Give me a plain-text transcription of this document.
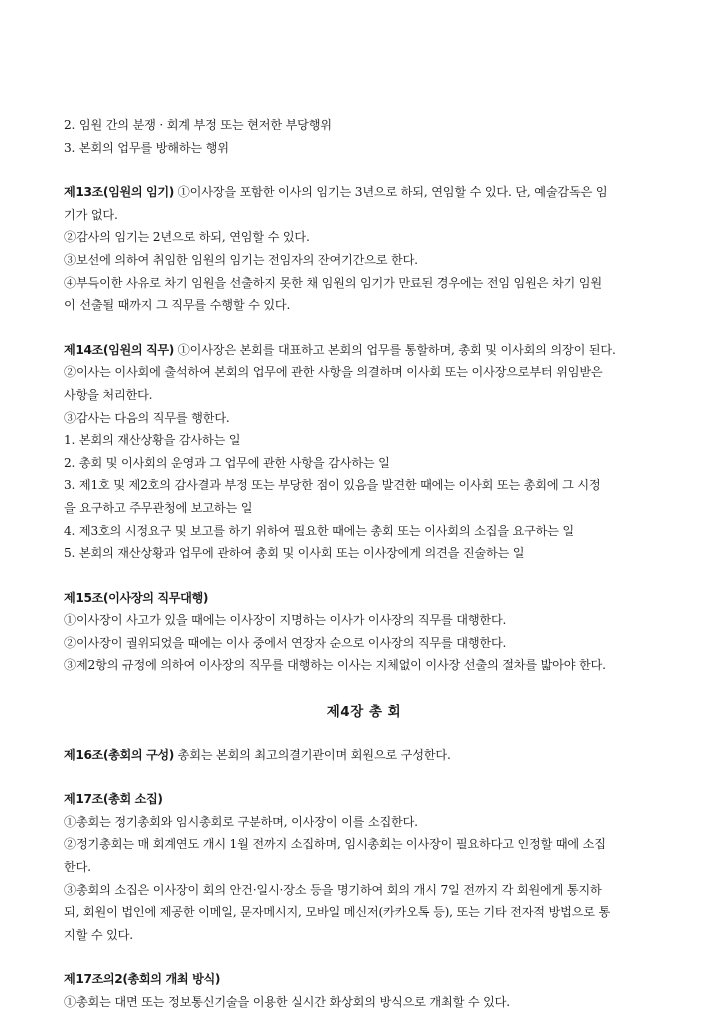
2. 임원 간의 분쟁 · 회계 부정 또는 현저한 부당행위
3. 본회의 업무를 방해하는 행위
제13조(임원의 임기) ①이사장을 포함한 이사의 임기는 3년으로 하되, 연임할 수 있다. 단, 예술감독은 임
기가 없다.
②감사의 임기는 2년으로 하되, 연임할 수 있다.
③보선에 의하여 취임한 임원의 임기는 전임자의 잔여기간으로 한다.
④부득이한 사유로 차기 임원을 선출하지 못한 채 임원의 임기가 만료된 경우에는 전임 임원은 차기 임원
이 선출될 때까지 그 직무를 수행할 수 있다.
제14조(임원의 직무) ①이사장은 본회를 대표하고 본회의 업무를 통할하며, 총회 및 이사회의 의장이 된다.
②이사는 이사회에 출석하여 본회의 업무에 관한 사항을 의결하며 이사회 또는 이사장으로부터 위임받은
사항을 처리한다.
③감사는 다음의 직무를 행한다.
1. 본회의 재산상황을 감사하는 일
2. 총회 및 이사회의 운영과 그 업무에 관한 사항을 감사하는 일
3. 제1호 및 제2호의 감사결과 부정 또는 부당한 점이 있음을 발견한 때에는 이사회 또는 총회에 그 시정
을 요구하고 주무관청에 보고하는 일
4. 제3호의 시정요구 및 보고를 하기 위하여 필요한 때에는 총회 또는 이사회의 소집을 요구하는 일
5. 본회의 재산상황과 업무에 관하여 총회 및 이사회 또는 이사장에게 의견을 진술하는 일
제15조(이사장의 직무대행)
①이사장이 사고가 있을 때에는 이사장이 지명하는 이사가 이사장의 직무를 대행한다.
②이사장이 궐위되었을 때에는 이사 중에서 연장자 순으로 이사장의 직무를 대행한다.
③제2항의 규정에 의하여 이사장의 직무를 대행하는 이사는 지체없이 이사장 선출의 절차를 밟아야 한다.
제4장 총 회
제16조(총회의 구성) 총회는 본회의 최고의결기관이며 회원으로 구성한다.
제17조(총회 소집)
①총회는 정기총회와 임시총회로 구분하며, 이사장이 이를 소집한다.
②정기총회는 매 회계연도 개시 1월 전까지 소집하며, 임시총회는 이사장이 필요하다고 인정할 때에 소집
한다.
③총회의 소집은 이사장이 회의 안건·일시·장소 등을 명기하여 회의 개시 7일 전까지 각 회원에게 통지하
되, 회원이 법인에 제공한 이메일, 문자메시지, 모바일 메신저(카카오톡 등), 또는 기타 전자적 방법으로 통
지할 수 있다.
제17조의2(총회의 개최 방식)
①총회는 대면 또는 정보통신기술을 이용한 실시간 화상회의 방식으로 개최할 수 있다.
